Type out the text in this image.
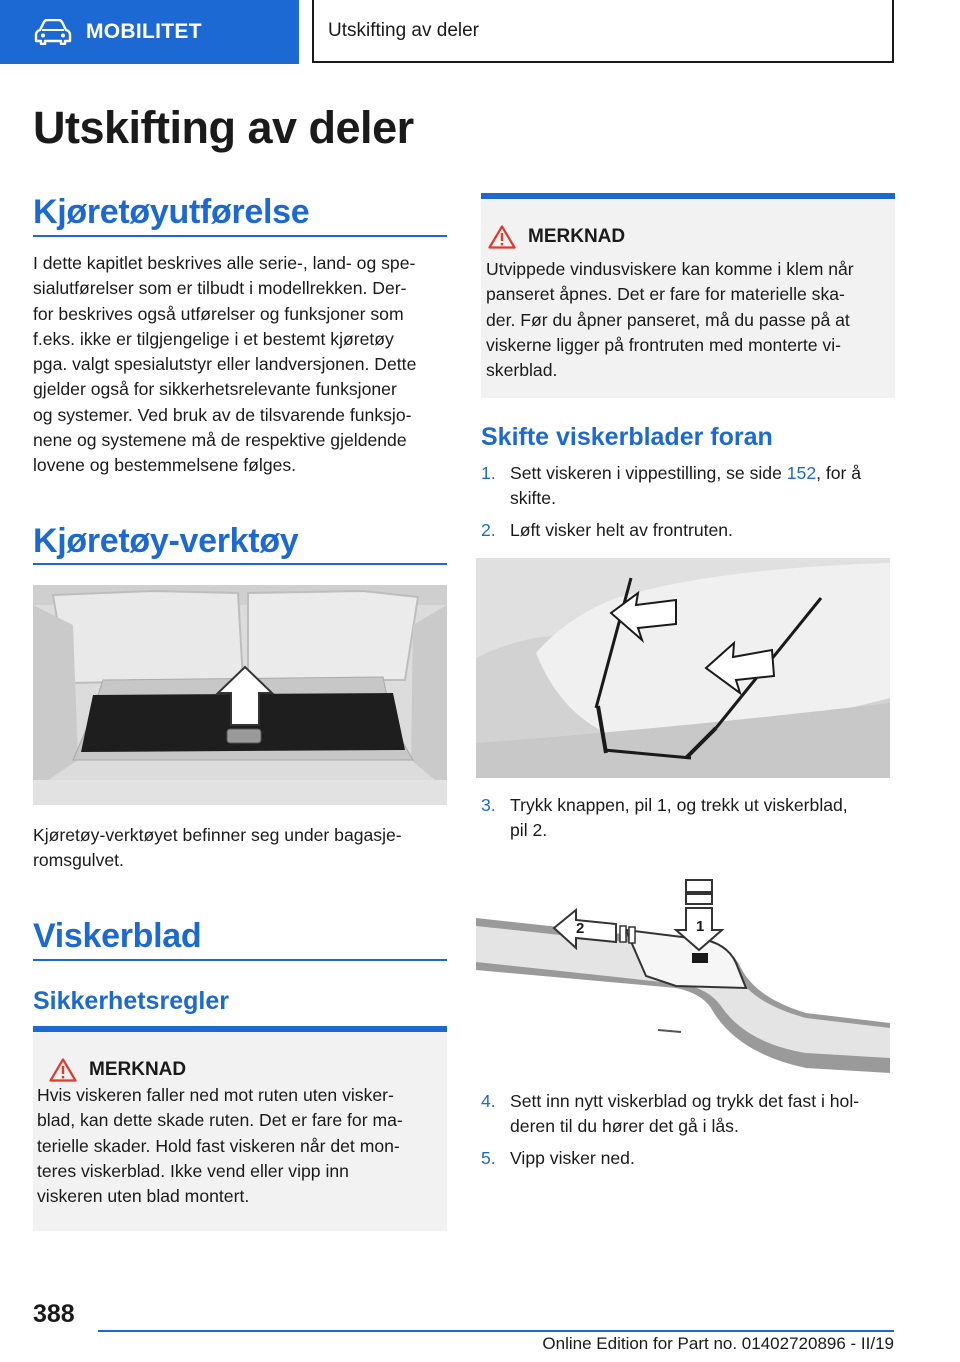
MOBILITET	Utskifting av deler
Utskifting av deler
Kjøretøyutførelse
I dette kapitlet beskrives alle serie-, land- og spe-
sialutførelser som er tilbudt i modellrekken. Der-
for beskrives også utførelser og funksjoner som
f.eks. ikke er tilgjengelige i et bestemt kjøretøy
pga. valgt spesialutstyr eller landversjonen. Dette
gjelder også for sikkerhetsrelevante funksjoner
og systemer. Ved bruk av de tilsvarende funksjo-
nene og systemene må de respektive gjeldende
lovene og bestemmelsene følges.
Kjøretøy-verktøy
Kjøretøy-verktøyet befinner seg under bagasje-
romsgulvet.
Viskerblad
Sikkerhetsregler
MERKNAD
Hvis viskeren faller ned mot ruten uten visker-
blad, kan dette skade ruten. Det er fare for ma-
terielle skader. Hold fast viskeren når det mon-
teres viskerblad. Ikke vend eller vipp inn
viskeren uten blad montert.
MERKNAD
Utvippede vindusviskere kan komme i klem når
panseret åpnes. Det er fare for materielle ska-
der. Før du åpner panseret, må du passe på at
viskerne ligger på frontruten med monterte vi-
skerblad.
Skifte viskerblader foran
1. Sett viskeren i vippestilling, se side 152, for å
skifte.
2. Løft visker helt av frontruten.
3. Trykk knappen, pil 1, og trekk ut viskerblad,
pil 2.
1
2
4. Sett inn nytt viskerblad og trykk det fast i hol-
deren til du hører det gå i lås.
5. Vipp visker ned.
388
Online Edition for Part no. 01402720896 - II/19
